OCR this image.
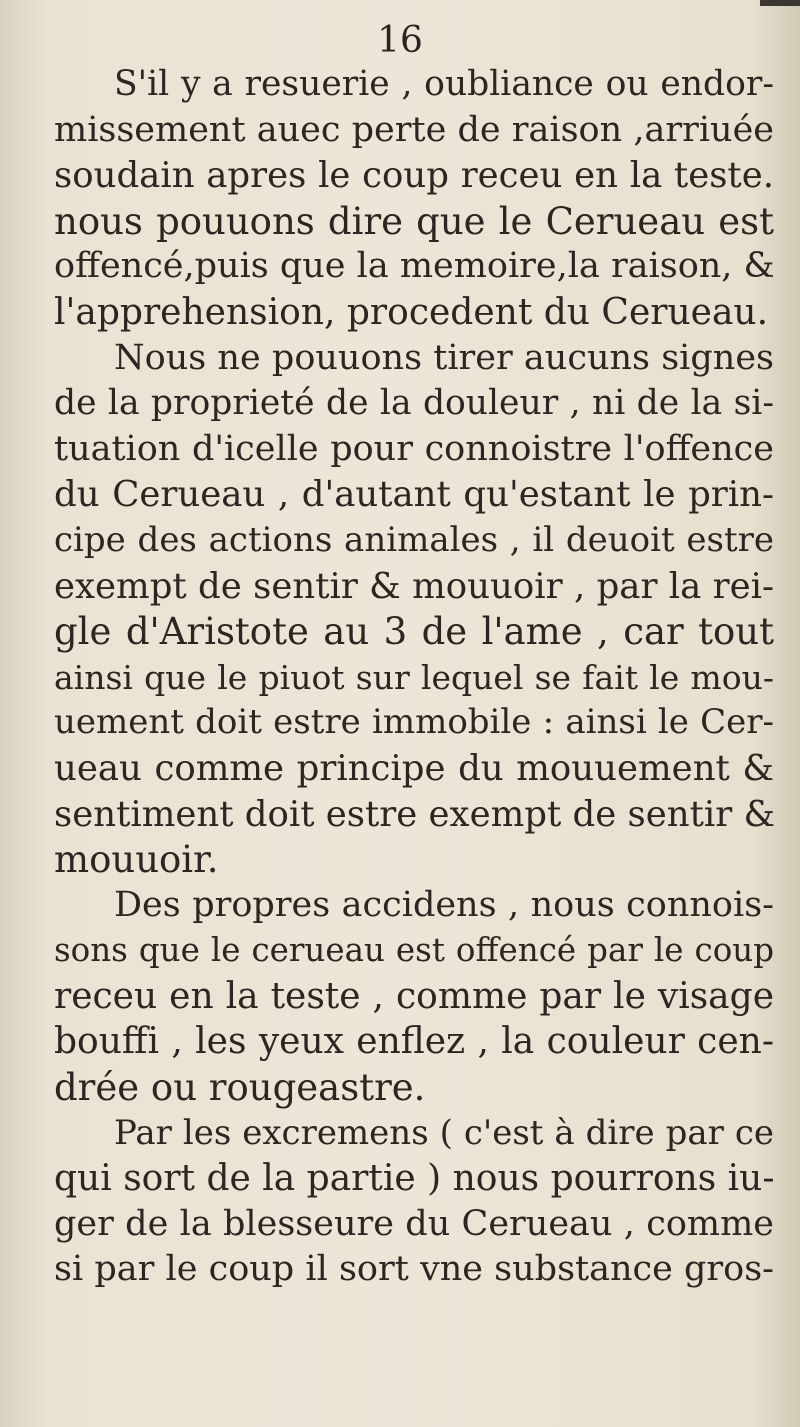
16
S'il y a resuerie , oubliance ou endor-
missement auec perte de raison ,arriuée
soudain apres le coup receu en la teste.
nous pouuons dire que le Cerueau est
offencé,puis que la memoire,la raison, &
l'apprehension, procedent du Cerueau.
Nous ne pouuons tirer aucuns signes
de la proprieté de la douleur , ni de la si-
tuation d'icelle pour connoistre l'offence
du Cerueau , d'autant qu'estant le prin-
cipe des actions animales , il deuoit estre
exempt de sentir & mouuoir , par la rei-
gle d'Aristote au 3 de l'ame , car tout
ainsi que le piuot sur lequel se fait le mou-
uement doit estre immobile : ainsi le Cer-
ueau comme principe du mouuement &
sentiment doit estre exempt de sentir &
mouuoir.
Des propres accidens , nous connois-
sons que le cerueau est offencé par le coup
receu en la teste , comme par le visage
bouffi , les yeux enflez , la couleur cen-
drée ou rougeastre.
Par les excremens ( c'est à dire par ce
qui sort de la partie ) nous pourrons iu-
ger de la blesseure du Cerueau , comme
si par le coup il sort vne substance gros-
